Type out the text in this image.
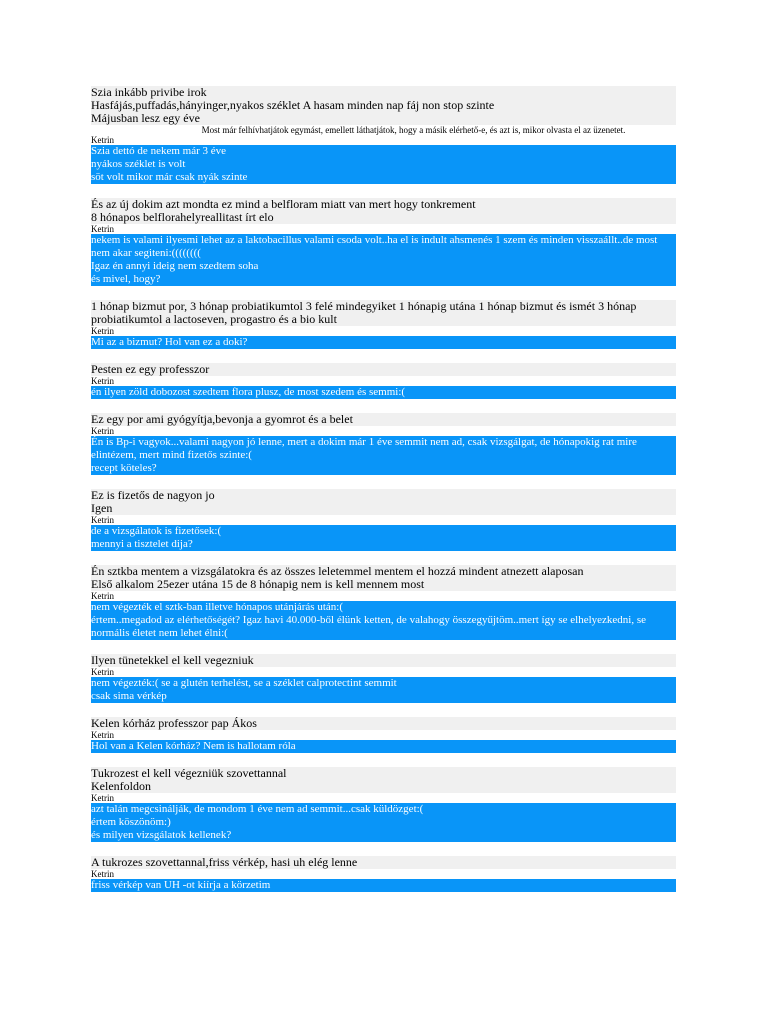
Szia inkább privibe irok
Hasfájás,puffadás,hányinger,nyakos széklet A hasam minden nap fáj non stop szinte
Májusban lesz egy éve
Most már felhívhatjátok egymást, emellett láthatjátok, hogy a másik elérhető-e, és azt is, mikor olvasta el az üzenetet.
Ketrin
Szia dettó de nekem már 3 éve
nyákos széklet is volt
söt volt mikor már csak nyák szinte
És az új dokim azt mondta ez mind a belfloram miatt van mert hogy tonkrement
8 hónapos belflorahelyreallitast írt elo
Ketrin
nekem is valami ilyesmi lehet az a laktobacillus valami csoda volt..ha el is indult ahsmenés 1 szem és minden visszaállt..de most nem akar segiteni:((((((((
Igaz én annyi ideig nem szedtem soha
és mivel, hogy?
1 hónap bizmut por, 3 hónap probiatikumtol 3 felé mindegyiket 1 hónapig utána 1 hónap bizmut és ismét 3 hónap probiatikumtol a lactoseven, progastro és a bio kult
Ketrin
Mi az a bizmut? Hol van ez a doki?
Pesten ez egy professzor
Ketrin
én ilyen zöld dobozost szedtem flora plusz, de most szedem és semmi:(
Ez egy por ami gyógyítja,bevonja a gyomrot és a belet
Ketrin
Én is Bp-i vagyok...valami nagyon jó lenne, mert a dokim már 1 éve semmit nem ad, csak vizsgálgat, de hónapokig rat mire elintézem, mert mind fizetős szinte:(
recept köteles?
Ez is fizetős de nagyon jo
Igen
Ketrin
de a vizsgálatok is fizetősek:(
mennyi a tisztelet dija?
Én sztkba mentem a vizsgálatokra és az összes leletemmel mentem el hozzá mindent atnezett alaposan
Első alkalom 25ezer utána 15 de 8 hónapig nem is kell mennem most
Ketrin
nem végezték el sztk-ban illetve hónapos utánjárás után:(
értem..megadod az elérhetőségét? Igaz havi 40.000-ből élünk ketten, de valahogy összegyűjtöm..mert így se elhelyezkedni, se normális életet nem lehet élni:(
Ilyen tünetekkel el kell vegezniuk
Ketrin
nem végezték:( se a glutén terhelést, se a széklet calprotectint semmit
csak sima vérkép
Kelen kórház professzor pap Ákos
Ketrin
Hol van a Kelen kórház? Nem is hallotam róla
Tukrozest el kell végezniük szovettannal
Kelenfoldon
Ketrin
azt talán megcsinálják, de mondom 1 éve nem ad semmit...csak küldözget:(
értem köszönöm:)
és milyen vizsgálatok kellenek?
A tukrozes szovettannal,friss vérkép, hasi uh elég lenne
Ketrin
friss vérkép van UH -ot kiírja a körzetim
